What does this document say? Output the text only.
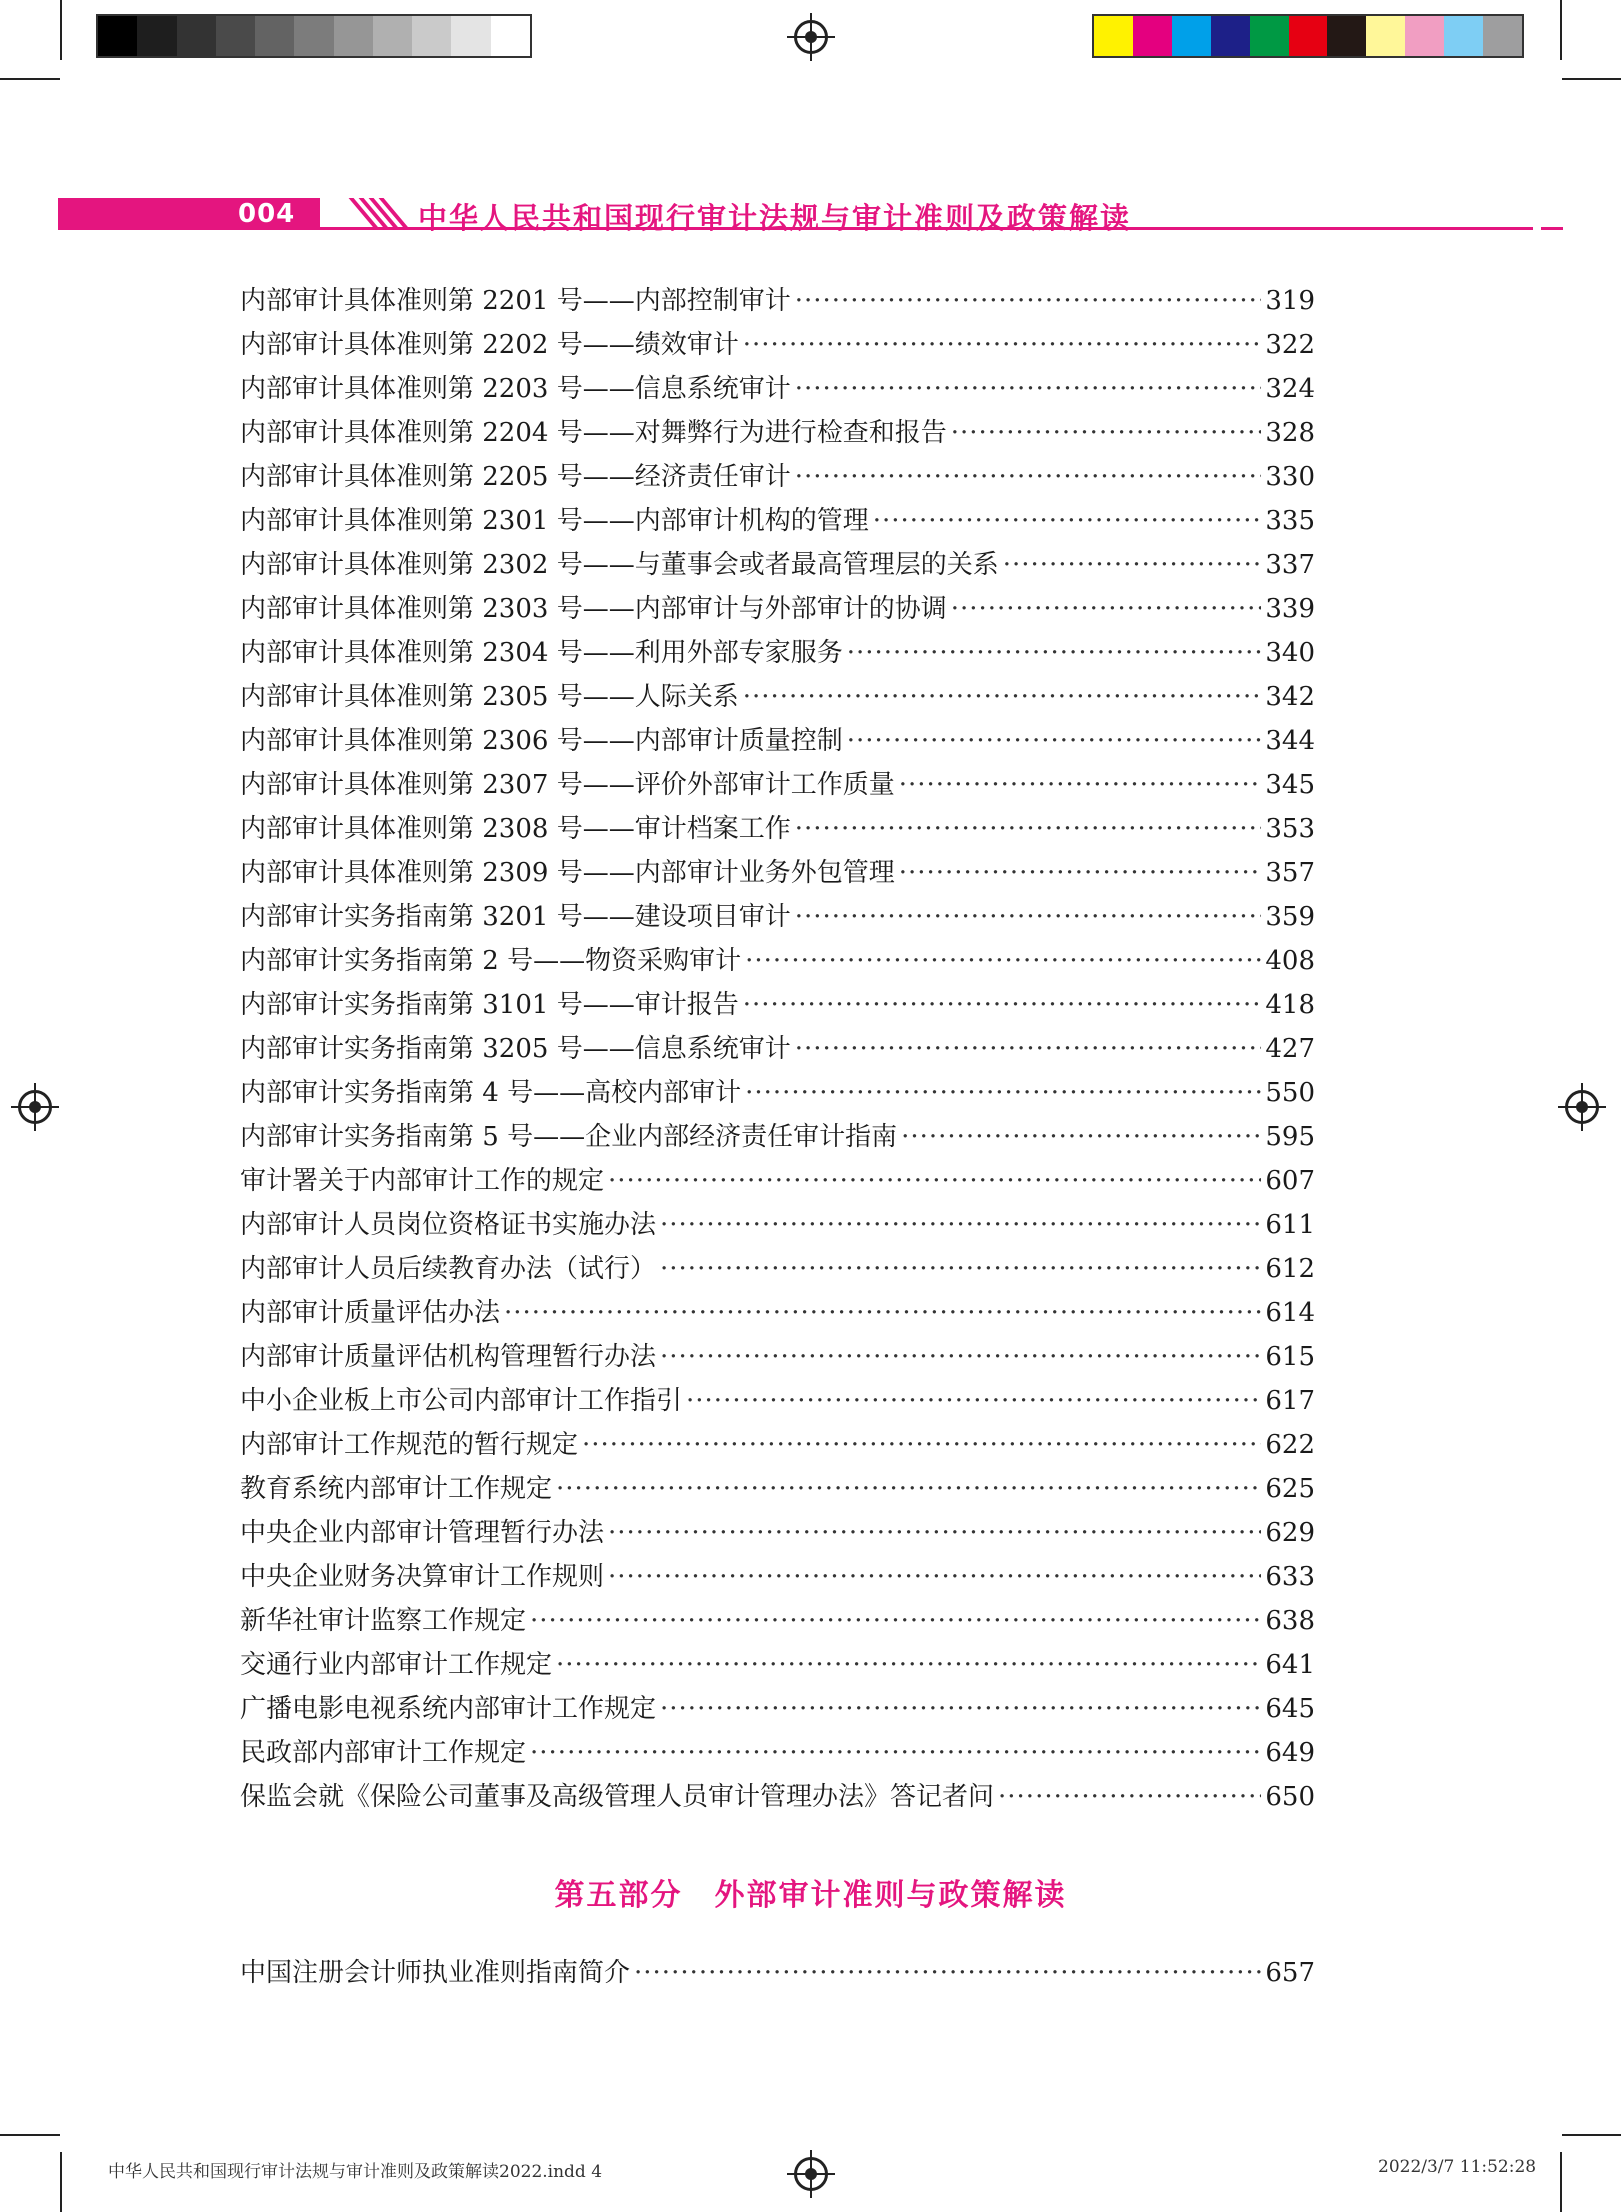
004	中华人民共和国现行审计法规与审计准则及政策解读
内部审计具体准则第 2201 号——内部控制审计 ·····	319
内部审计具体准则第 2202 号——绩效审计 ·····	322
内部审计具体准则第 2203 号——信息系统审计 ·····	324
内部审计具体准则第 2204 号——对舞弊行为进行检查和报告 ·····	328
内部审计具体准则第 2205 号——经济责任审计 ·····	330
内部审计具体准则第 2301 号——内部审计机构的管理 ·····	335
内部审计具体准则第 2302 号——与董事会或者最高管理层的关系 ·····	337
内部审计具体准则第 2303 号——内部审计与外部审计的协调 ·····	339
内部审计具体准则第 2304 号——利用外部专家服务 ·····	340
内部审计具体准则第 2305 号——人际关系 ·····	342
内部审计具体准则第 2306 号——内部审计质量控制 ·····	344
内部审计具体准则第 2307 号——评价外部审计工作质量 ·····	345
内部审计具体准则第 2308 号——审计档案工作 ·····	353
内部审计具体准则第 2309 号——内部审计业务外包管理 ·····	357
内部审计实务指南第 3201 号——建设项目审计 ·····	359
内部审计实务指南第 2 号——物资采购审计 ·····	408
内部审计实务指南第 3101 号——审计报告 ·····	418
内部审计实务指南第 3205 号——信息系统审计 ·····	427
内部审计实务指南第 4 号——高校内部审计 ·····	550
内部审计实务指南第 5 号——企业内部经济责任审计指南 ·····	595
审计署关于内部审计工作的规定 ·····	607
内部审计人员岗位资格证书实施办法 ·····	611
内部审计人员后续教育办法（试行） ·····	612
内部审计质量评估办法 ·····	614
内部审计质量评估机构管理暂行办法 ·····	615
中小企业板上市公司内部审计工作指引 ·····	617
内部审计工作规范的暂行规定 ·····	622
教育系统内部审计工作规定 ·····	625
中央企业内部审计管理暂行办法 ·····	629
中央企业财务决算审计工作规则 ·····	633
新华社审计监察工作规定 ·····	638
交通行业内部审计工作规定 ·····	641
广播电影电视系统内部审计工作规定 ·····	645
民政部内部审计工作规定 ·····	649
保监会就《保险公司董事及高级管理人员审计管理办法》答记者问 ·····	650
第五部分　外部审计准则与政策解读
中国注册会计师执业准则指南简介 ·····	657
中华人民共和国现行审计法规与审计准则及政策解读2022.indd 4	2022/3/7 11:52:28
